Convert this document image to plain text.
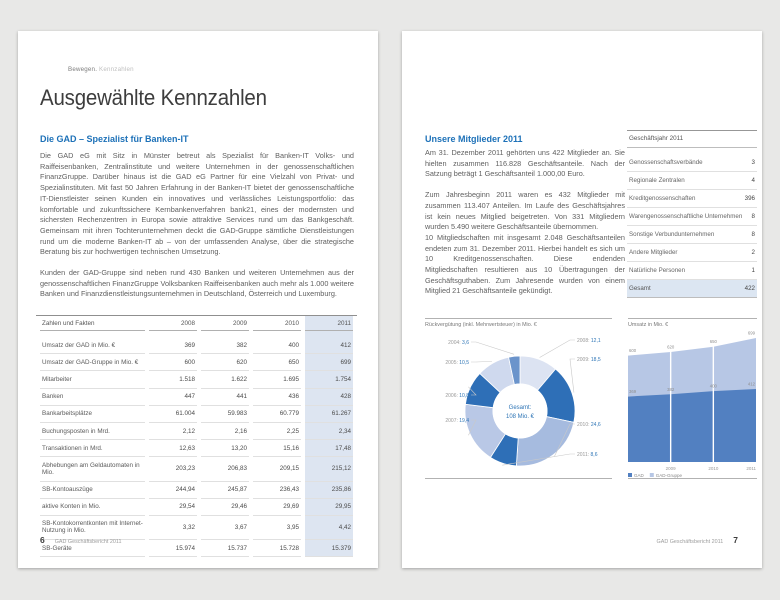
Bewegen. Kennzahlen
Ausgewählte Kennzahlen
Die GAD – Spezialist für Banken-IT

Die GAD eG mit Sitz in Münster betreut als Spezialist für Banken-IT Volks- und Raiffeisenbanken, Zentralinstitute und weitere Unternehmen in der genossenschaftlichen FinanzGruppe. Darüber hinaus ist die GAD eG Partner für eine Vielzahl von Privat- und Spezialinstituten. Mit fast 50 Jahren Erfahrung in der Banken-IT bietet der genossenschaftliche IT-Dienstleister seinen Kunden ein innovatives und verlässliches Leistungsportfolio: das komfortable und zukunftssichere Kernbankenverfahren bank21, eines der modernsten und sichersten Rechenzentren in Europa sowie attraktive Services rund um das Bankgeschäft. Gemeinsam mit ihren Tochterunternehmen deckt die GAD-Gruppe sämtliche Dienstleistungen rund um die moderne Banken-IT ab – von der umfassenden Analyse, über die strategische Beratung bis zur hochwertigen technischen Umsetzung.

Kunden der GAD-Gruppe sind neben rund 430 Banken und weiteren Unternehmen aus der genossenschaftlichen FinanzGruppe Volksbanken Raiffeisenbanken auch mehr als 1.000 weitere Banken und Finanzdienstleistungsunternehmen in Deutschland, Österreich und Luxemburg.

Zahlen und Fakten	2008	2009	2010	2011

Umsatz der GAD in Mio. €	369	382	400	412
Umsatz der GAD-Gruppe in Mio. €	600	620	650	699
Mitarbeiter	1.518	1.622	1.695	1.754
Banken	447	441	436	428
Bankarbeitsplätze	61.004	59.983	60.779	61.267
Buchungsposten in Mrd.	2,12	2,16	2,25	2,34
Transaktionen in Mrd.	12,63	13,20	15,16	17,48
Abhebungen am Geldautomaten in Mio.	203,23	206,83	209,15	215,12
SB-Kontoauszüge	244,94	245,87	236,43	235,86
aktive Konten in Mio.	29,54	29,46	29,69	29,95
SB-Kontokorrentkonten mit Internet-Nutzung in Mio.	3,32	3,67	3,95	4,42
SB-Geräte	15.974	15.737	15.728	15.379
6 GAD Geschäftsbericht 2011
Unsere Mitglieder 2011

Am 31. Dezember 2011 gehörten uns 422 Mitglieder an. Sie hielten zusammen 116.828 Geschäftsanteile. Nach der Satzung beträgt 1 Geschäftsanteil 1.000,00 Euro.

Zum Jahresbeginn 2011 waren es 432 Mitglieder mit zusammen 113.407 Anteilen. Im Laufe des Geschäftsjahres ist kein neues Mitglied beigetreten. Von 331 Mitgliedern wurden 5.490 weitere Geschäftsanteile übernommen.

10 Mitgliedschaften mit insgesamt 2.048 Geschäftsanteilen endeten zum 31. Dezember 2011. Hierbei handelt es sich um 10 Kreditgenossenschaften. Diese endenden Mitgliedschaften resultieren aus 10 Übertragungen der Geschäftsguthaben. Zum Jahresende wurden von einem Mitglied 21 Geschäftsanteile gekündigt.

Geschäftsjahr 2011
Genossenschaftsverbände	3
Regionale Zentralen	4
Kreditgenossenschaften	396
Warengenossenschaftliche Unternehmen 8
Sonstige Verbundunternehmen	8
Andere Mitglieder	2
Natürliche Personen	1
Gesamt	422
Rückvergütung (inkl. Mehrwertsteuer) in Mio. €
2008: 12,1
2009: 18,5
2010: 24,6
2011: 8,6
2007: 19,4
2006: 10,8
2005: 10,5
2004: 3,6
Gesamt:
108 Mio. €
Umsatz in Mio. €
600
620
650
699
369	382
400	412
2009	2010	2011
GAD	GAD-Gruppe
GAD Geschäftsbericht 2011 7
